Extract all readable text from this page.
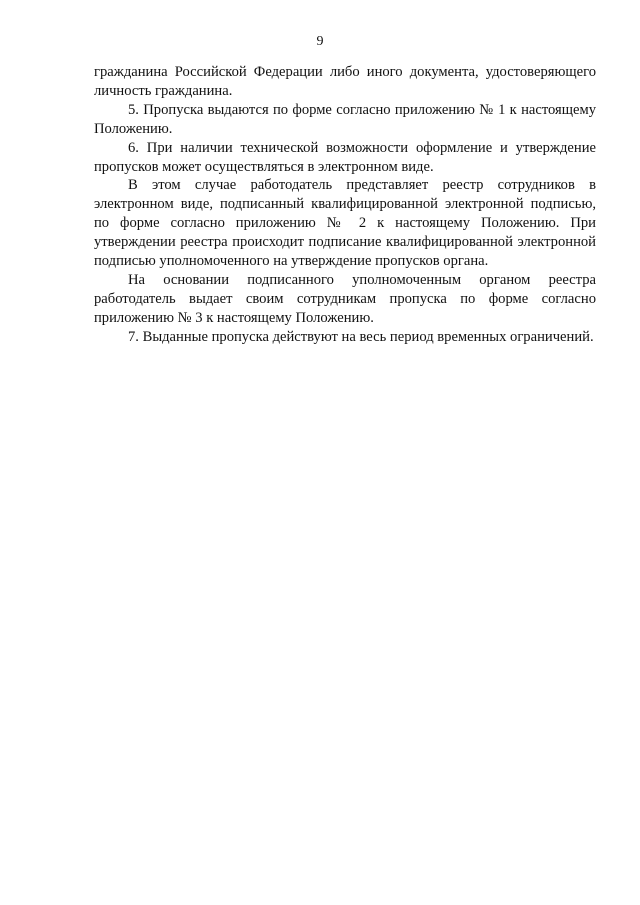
9

гражданина Российской Федерации либо иного документа, удостоверяющего личность гражданина.

5. Пропуска выдаются по форме согласно приложению № 1 к настоящему Положению.

6. При наличии технической возможности оформление и утверждение пропусков может осуществляться в электронном виде.

В этом случае работодатель представляет реестр сотрудников в электронном виде, подписанный квалифицированной электронной подписью, по форме согласно приложению № 2 к настоящему Положению. При утверждении реестра происходит подписание квалифицированной электронной подписью уполномоченного на утверждение пропусков органа.

На основании подписанного уполномоченным органом реестра работодатель выдает своим сотрудникам пропуска по форме согласно приложению № 3 к настоящему Положению.

7. Выданные пропуска действуют на весь период временных ограничений.
